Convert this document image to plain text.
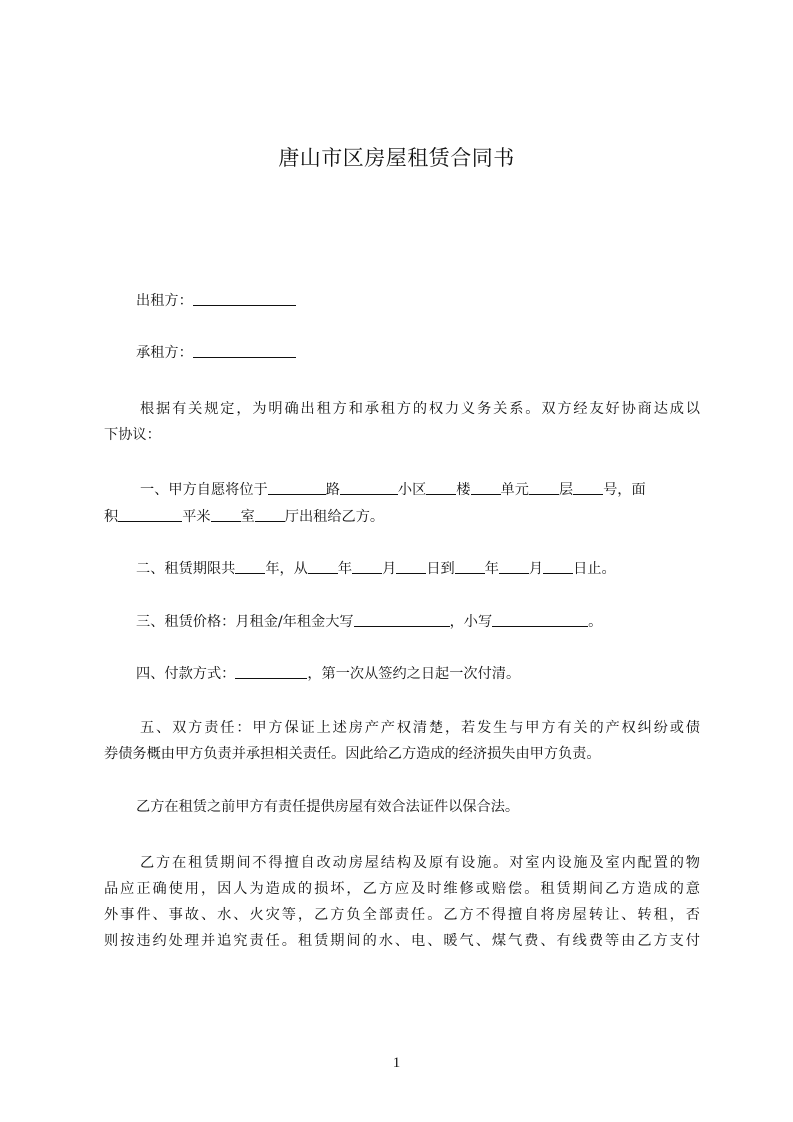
唐山市区房屋租赁合同书
出租方：
承租方：
根据有关规定，为明确出租方和承租方的权力义务关系。双方经友好协商达成以
下协议：
一、甲方自愿将位于	路	小区 楼 单元 层 号，面
积	平米 室 厅出租给乙方。
二、租赁期限共 年，从 年 月 日到 年 月 日止。
三、租赁价格：月租金/年租金大写	，小写	。
四、付款方式：	，第一次从签约之日起一次付清。
五、双方责任：甲方保证上述房产产权清楚，若发生与甲方有关的产权纠纷或债
券债务概由甲方负责并承担相关责任。因此给乙方造成的经济损失由甲方负责。
乙方在租赁之前甲方有责任提供房屋有效合法证件以保合法。
乙方在租赁期间不得擅自改动房屋结构及原有设施。对室内设施及室内配置的物
品应正确使用，因人为造成的损坏，乙方应及时维修或赔偿。租赁期间乙方造成的意
外事件、事故、水、火灾等，乙方负全部责任。乙方不得擅自将房屋转让、转租，否
则按违约处理并追究责任。租赁期间的水、电、暖气、煤气费、有线费等由乙方支付
1
